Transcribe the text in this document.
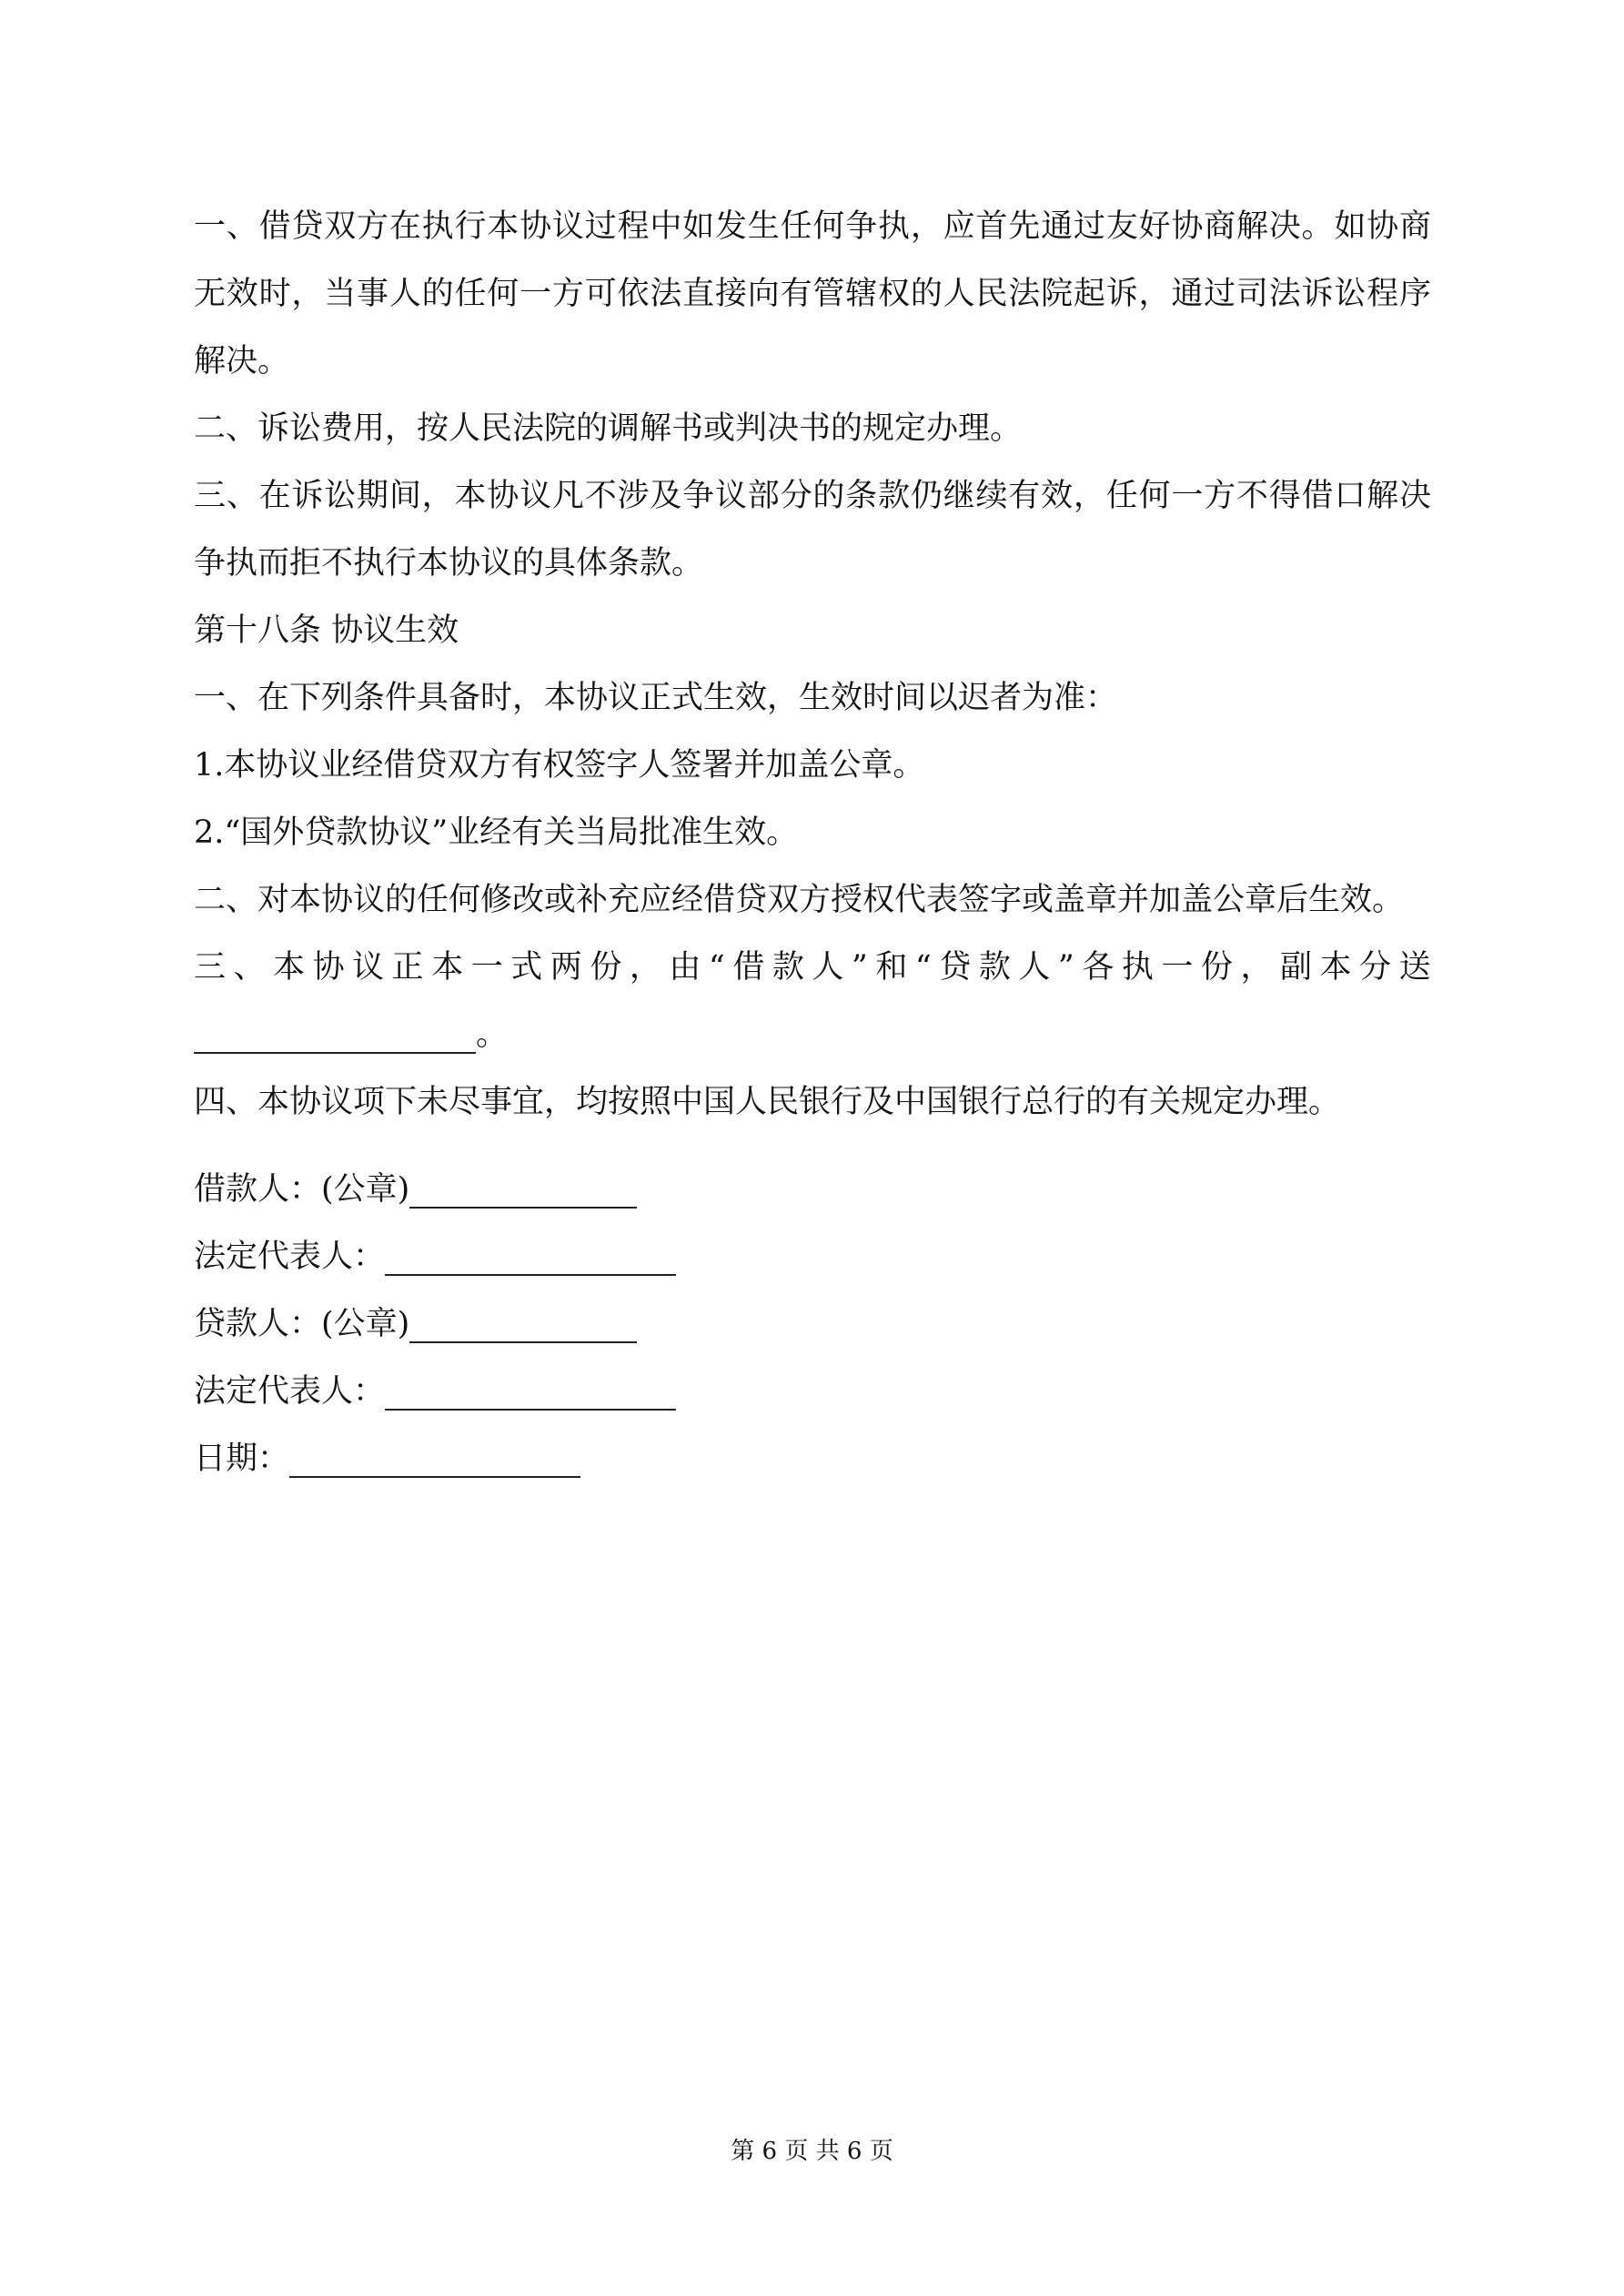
一、借贷双方在执行本协议过程中如发生任何争执，应首先通过友好协商解决。如协商无效时，当事人的任何一方可依法直接向有管辖权的人民法院起诉，通过司法诉讼程序解决。

二、诉讼费用，按人民法院的调解书或判决书的规定办理。

三、在诉讼期间，本协议凡不涉及争议部分的条款仍继续有效，任何一方不得借口解决争执而拒不执行本协议的具体条款。

第十八条 协议生效

一、在下列条件具备时，本协议正式生效，生效时间以迟者为准：

1.本协议业经借贷双方有权签字人签署并加盖公章。

2.“国外贷款协议”业经有关当局批准生效。

二、对本协议的任何修改或补充应经借贷双方授权代表签字或盖章并加盖公章后生效。

三 、 本 协 议 正 本 一 式 两 份 ， 由 “ 借 款 人 ” 和 “ 贷 款 人 ” 各 执 一 份 ， 副 本 分 送

。

四、本协议项下未尽事宜，均按照中国人民银行及中国银行总行的有关规定办理。

借款人：(公章)

法定代表人：

贷款人：(公章)

法定代表人：

日期：

第 6 页 共 6 页
